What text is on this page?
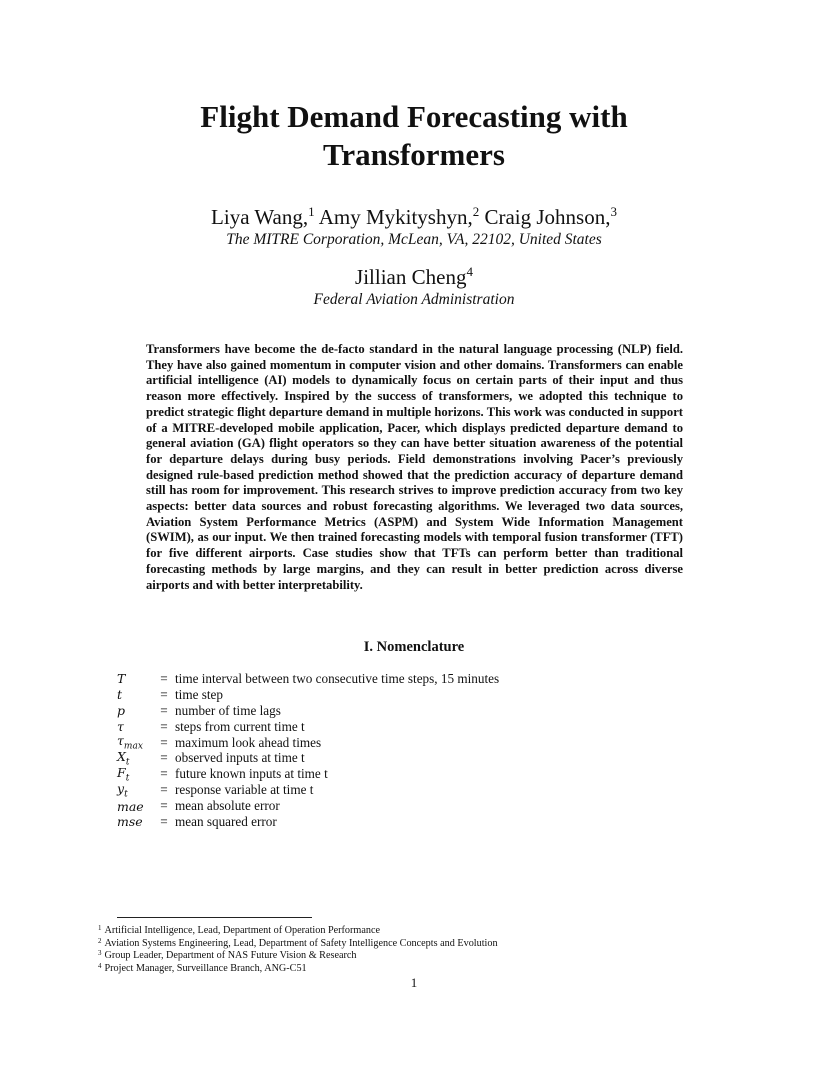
Flight Demand Forecasting with
Transformers
Liya Wang,$^1$ Amy Mykityshyn,$^2$ Craig Johnson,$^3$
The MITRE Corporation, McLean, VA, 22102, United States
Jillian Cheng$^4$
Federal Aviation Administration

Transformers have become the de-facto standard in the natural language processing (NLP) field. They have also gained momentum in computer vision and other domains. Transformers can enable artificial intelligence (AI) models to dynamically focus on certain parts of their input and thus reason more effectively. Inspired by the success of transformers, we adopted this technique to predict strategic flight departure demand in multiple horizons. This work was conducted in support of a MITRE-developed mobile application, Pacer, which displays predicted departure demand to general aviation (GA) flight operators so they can have better situation awareness of the potential for departure delays during busy periods. Field demonstrations involving Pacer’s previously designed rule-based prediction method showed that the prediction accuracy of departure demand still has room for improvement. This research strives to improve prediction accuracy from two key aspects: better data sources and robust forecasting algorithms. We leveraged two data sources, Aviation System Performance Metrics (ASPM) and System Wide Information Management (SWIM), as our input. We then trained forecasting models with temporal fusion transformer (TFT) for five different airports. Case studies show that TFTs can perform better than traditional forecasting methods by large margins, and they can result in better prediction across diverse airports and with better interpretability.

I. Nomenclature
T	= time interval between two consecutive time steps, 15 minutes
t	= time step
p	= number of time lags
τ	= steps from current time t
$\tau_{max}$	= maximum look ahead times
$X_t$	= observed inputs at time t
$F_t$	= future known inputs at time t
$y_t$	= response variable at time t
mae	= mean absolute error
mse	= mean squared error
$^1$ Artificial Intelligence, Lead, Department of Operation Performance
$^2$ Aviation Systems Engineering, Lead, Department of Safety Intelligence Concepts and Evolution
$^3$ Group Leader, Department of NAS Future Vision & Research
$^4$ Project Manager, Surveillance Branch, ANG-C51
1
